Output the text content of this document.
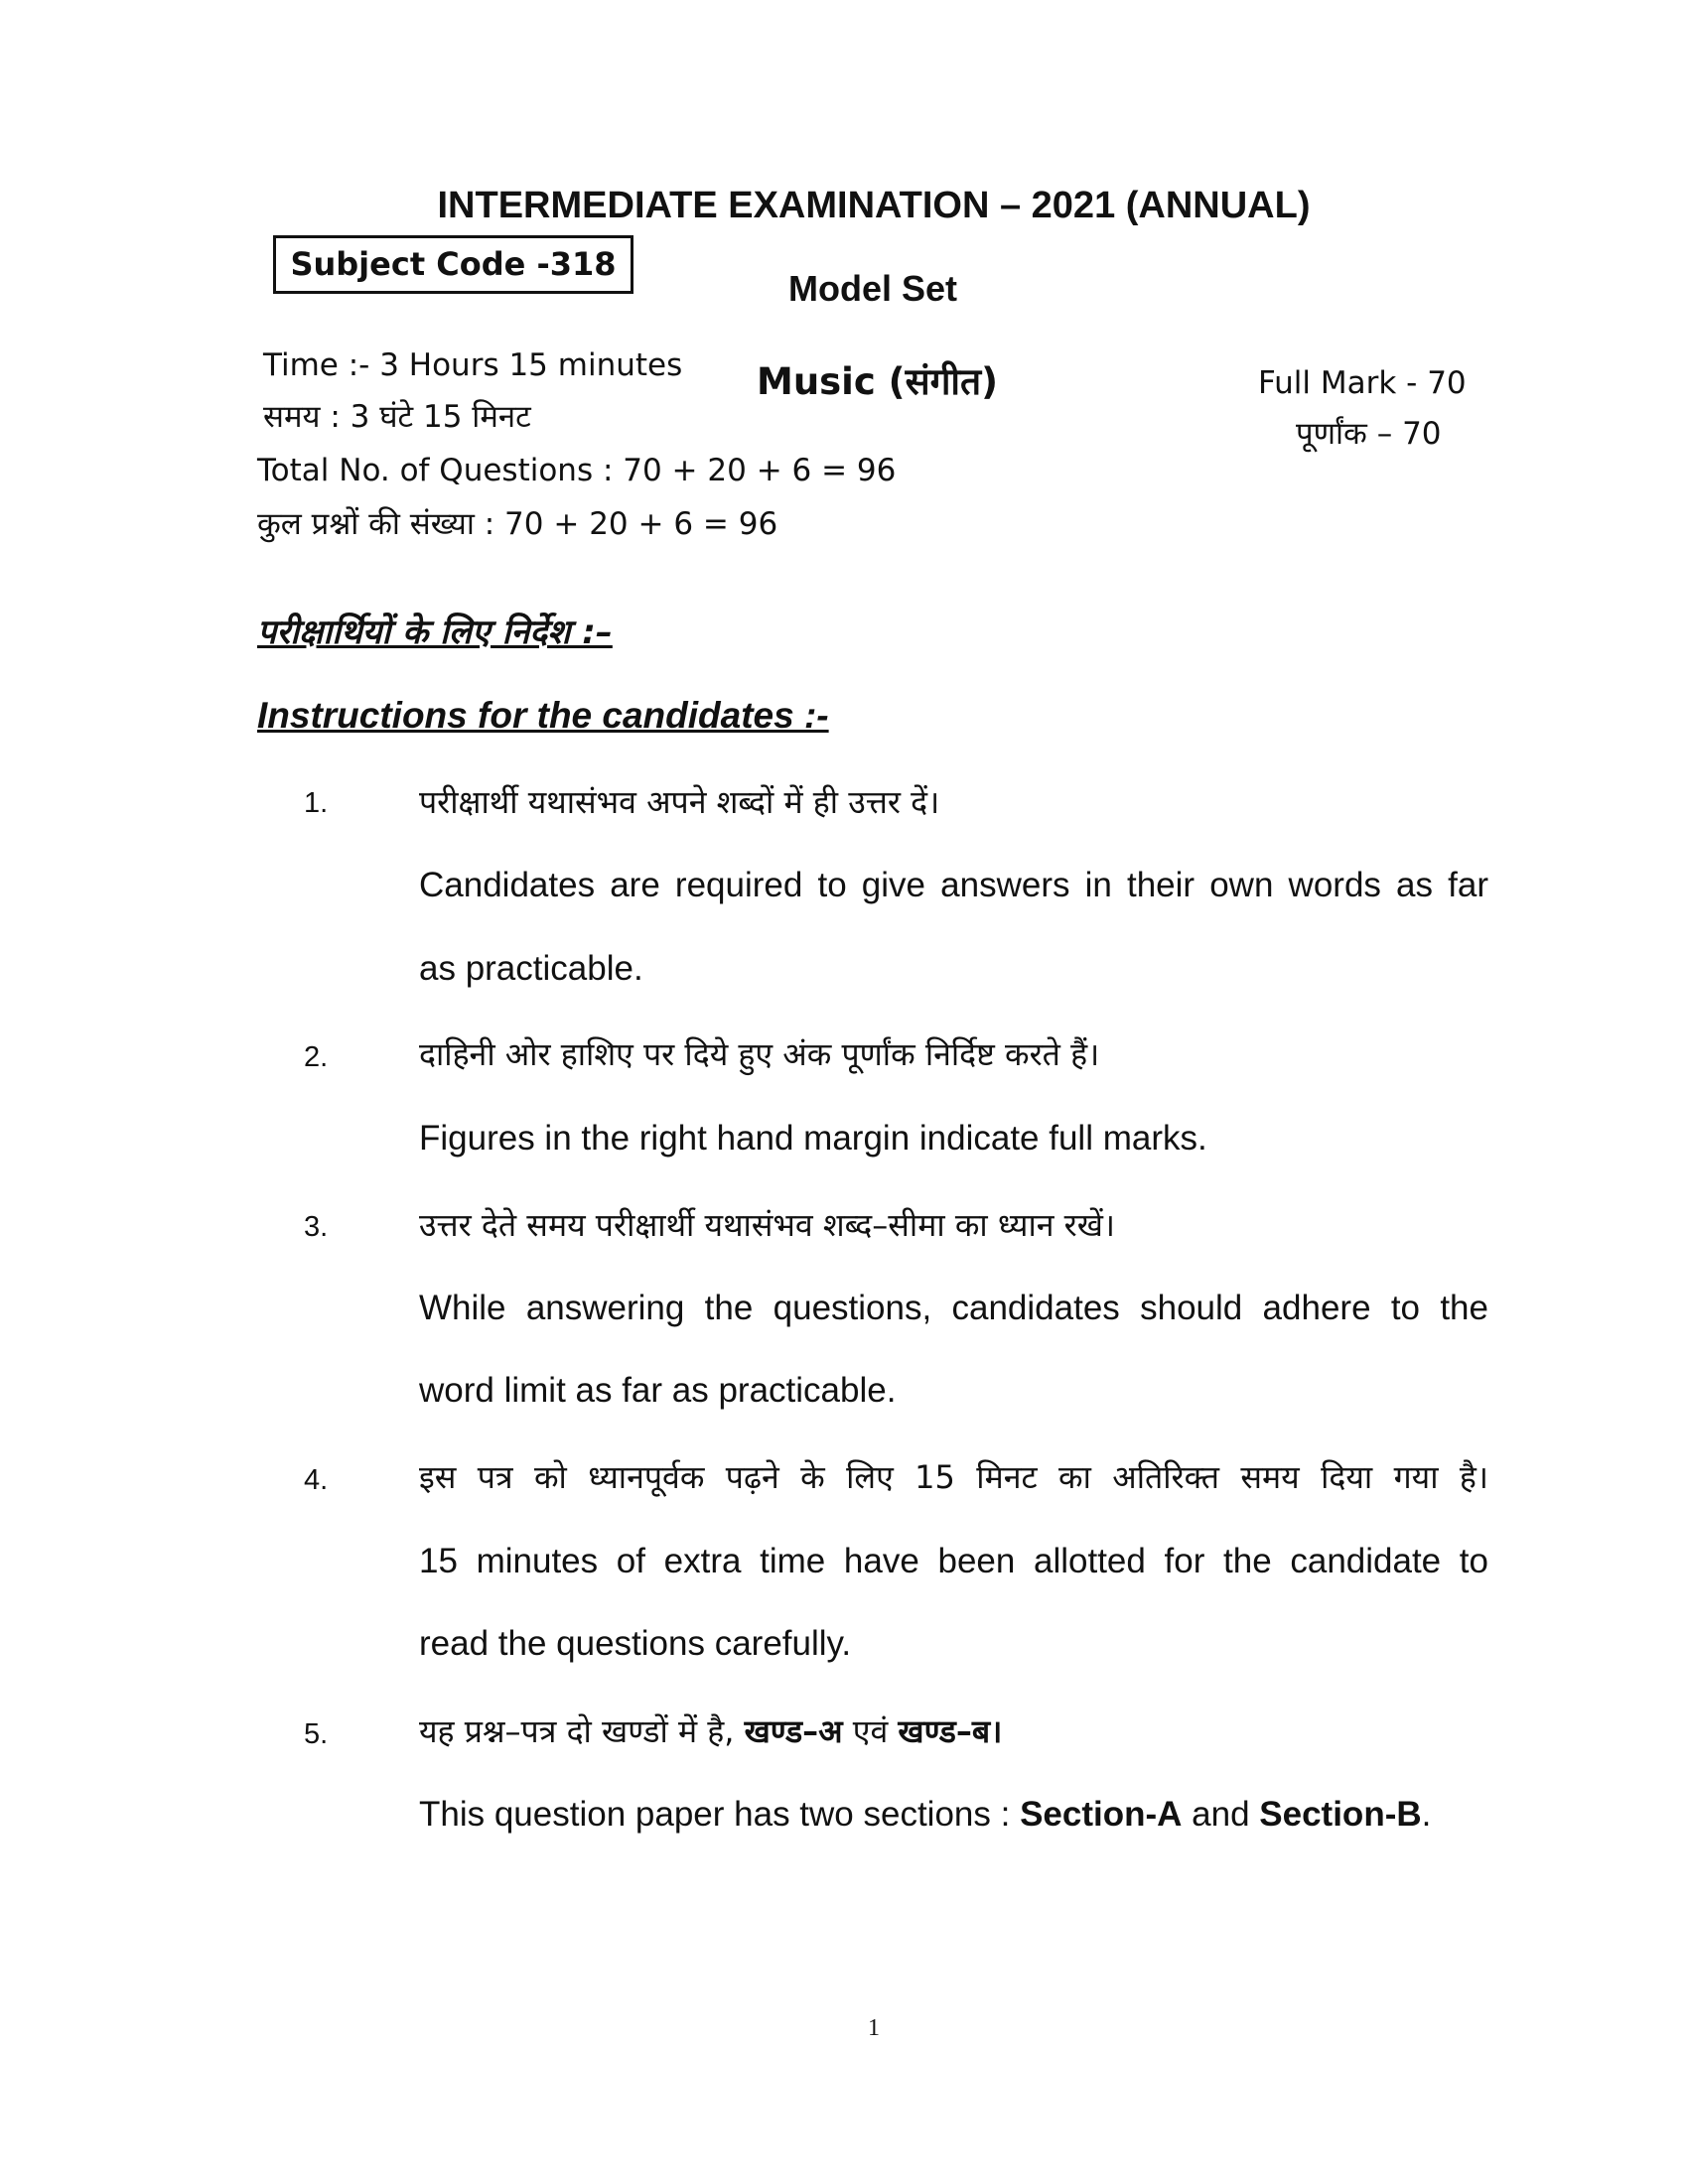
INTERMEDIATE EXAMINATION – 2021 (ANNUAL)
Subject Code -318
Model Set
Time :- 3 Hours 15 minutes
समय : 3 घंटे 15 मिनट
Music (संगीत)	Full Mark - 70
पूर्णांक – 70
Total No. of Questions : 70 + 20 + 6 = 96
कुल प्रश्नों की संख्या : 70 + 20 + 6 = 96
परीक्षार्थियों के लिए निर्देश :–
Instructions for the candidates :-
1.	परीक्षार्थी यथासंभव अपने शब्दों में ही उत्तर दें।
Candidates are required to give answers in their own words as far
as practicable.
2.	दाहिनी ओर हाशिए पर दिये हुए अंक पूर्णांक निर्दिष्ट करते हैं।
Figures in the right hand margin indicate full marks.
3.	उत्तर देते समय परीक्षार्थी यथासंभव शब्द–सीमा का ध्यान रखें।
While answering the questions, candidates should adhere to the
word limit as far as practicable.
4.	इस पत्र को ध्यानपूर्वक पढ़ने के लिए 15 मिनट का अतिरिक्त समय दिया गया है।
15 minutes of extra time have been allotted for the candidate to
read the questions carefully.
5.	यह प्रश्न–पत्र दो खण्डों में है, खण्ड–अ एवं खण्ड–ब।
This question paper has two sections : Section-A and Section-B.
1
